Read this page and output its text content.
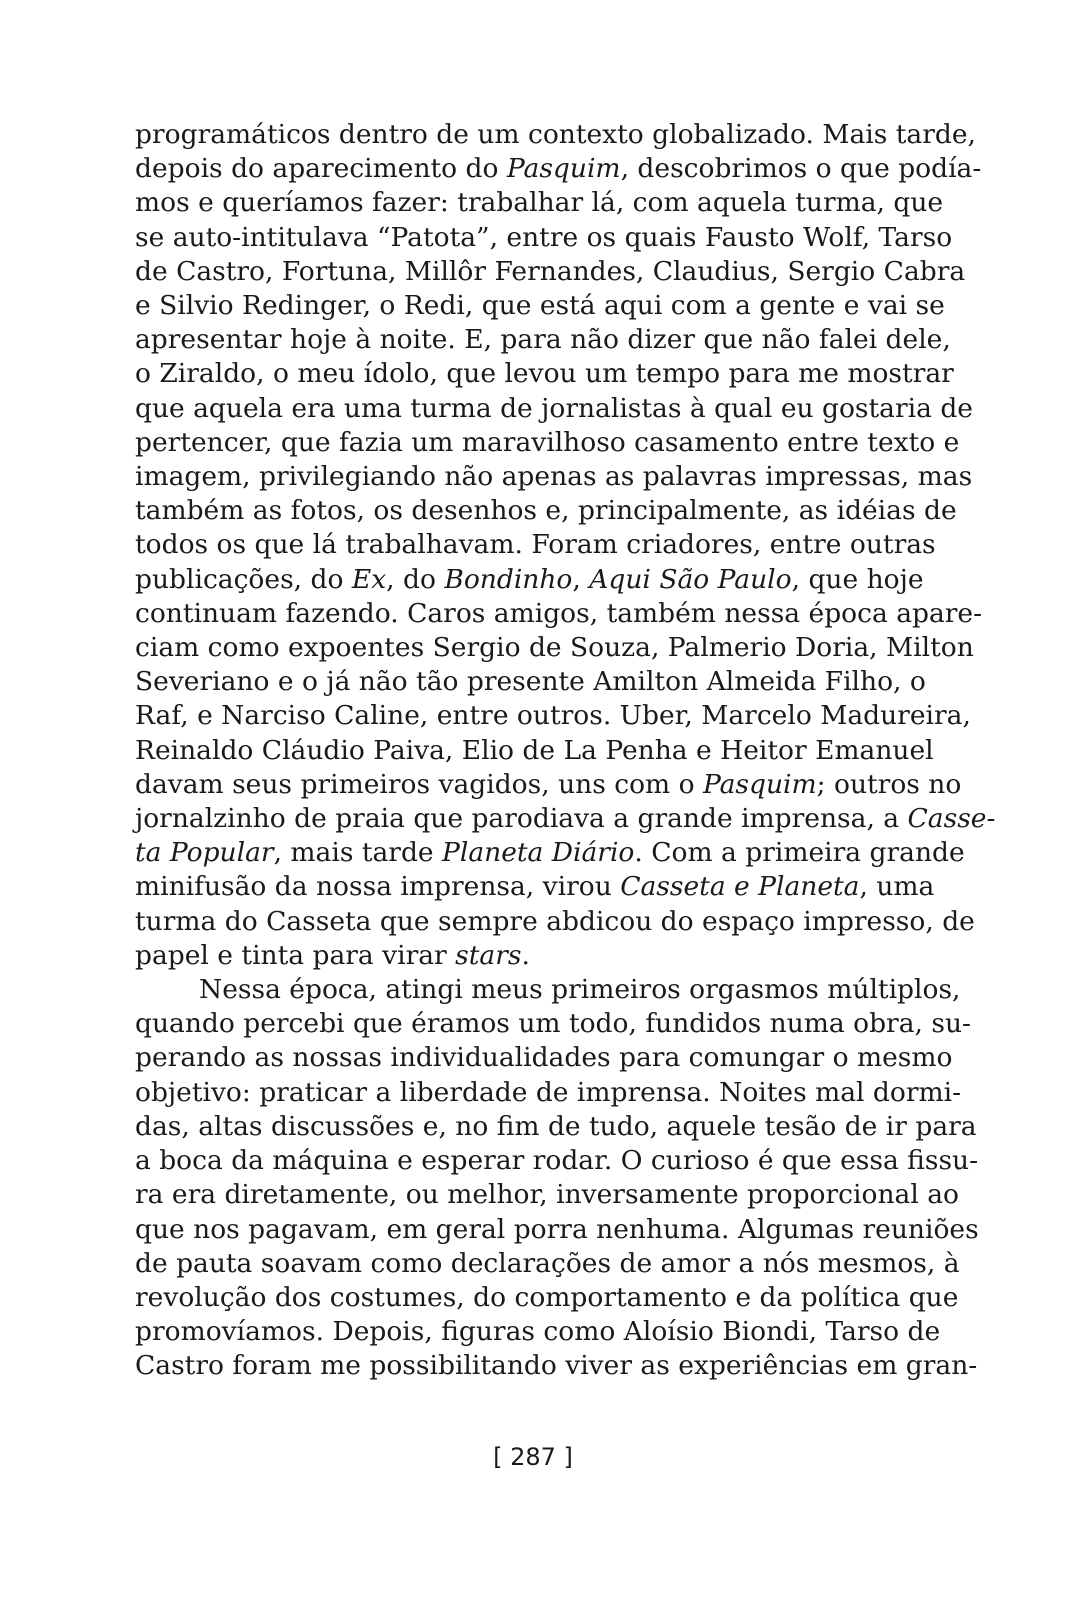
programáticos dentro de um contexto globalizado. Mais tarde,
depois do aparecimento do Pasquim, descobrimos o que podía-
mos e queríamos fazer: trabalhar lá, com aquela turma, que
se auto-intitulava “Patota”, entre os quais Fausto Wolf, Tarso
de Castro, Fortuna, Millôr Fernandes, Claudius, Sergio Cabra
e Silvio Redinger, o Redi, que está aqui com a gente e vai se
apresentar hoje à noite. E, para não dizer que não falei dele,
o Ziraldo, o meu ídolo, que levou um tempo para me mostrar
que aquela era uma turma de jornalistas à qual eu gostaria de
pertencer, que fazia um maravilhoso casamento entre texto e
imagem, privilegiando não apenas as palavras impressas, mas
também as fotos, os desenhos e, principalmente, as idéias de
todos os que lá trabalhavam. Foram criadores, entre outras
publicações, do Ex, do Bondinho, Aqui São Paulo, que hoje
continuam fazendo. Caros amigos, também nessa época apare-
ciam como expoentes Sergio de Souza, Palmerio Doria, Milton
Severiano e o já não tão presente Amilton Almeida Filho, o
Raf, e Narciso Caline, entre outros. Uber, Marcelo Madureira,
Reinaldo Cláudio Paiva, Elio de La Penha e Heitor Emanuel
davam seus primeiros vagidos, uns com o Pasquim; outros no
jornalzinho de praia que parodiava a grande imprensa, a Casse-
ta Popular, mais tarde Planeta Diário. Com a primeira grande
minifusão da nossa imprensa, virou Casseta e Planeta, uma
turma do Casseta que sempre abdicou do espaço impresso, de
papel e tinta para virar stars.
Nessa época, atingi meus primeiros orgasmos múltiplos,
quando percebi que éramos um todo, fundidos numa obra, su-
perando as nossas individualidades para comungar o mesmo
objetivo: praticar a liberdade de imprensa. Noites mal dormi-
das, altas discussões e, no fim de tudo, aquele tesão de ir para
a boca da máquina e esperar rodar. O curioso é que essa fissu-
ra era diretamente, ou melhor, inversamente proporcional ao
que nos pagavam, em geral porra nenhuma. Algumas reuniões
de pauta soavam como declarações de amor a nós mesmos, à
revolução dos costumes, do comportamento e da política que
promovíamos. Depois, figuras como Aloísio Biondi, Tarso de
Castro foram me possibilitando viver as experiências em gran-
[ 287 ]
